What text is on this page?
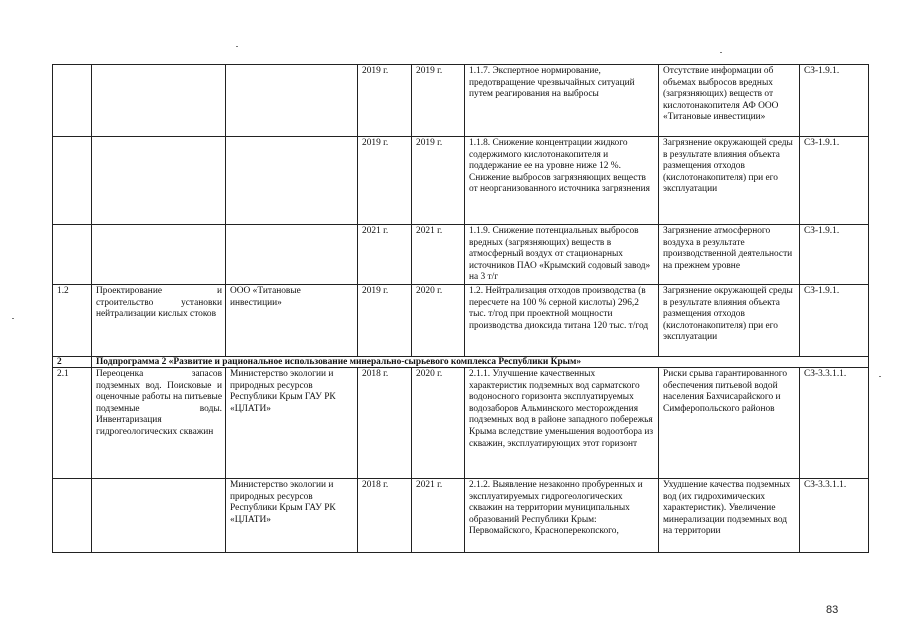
			2019 г.	2019 г.	1.1.7. Экспертное нормирование, предотвращение чрезвычайных ситуаций путем реагирования на выбросы	Отсутствие информации об объемах выбросов вредных (загрязняющих) веществ от кислотонакопителя АФ ООО «Титановые инвестиции»	СЗ-1.9.1.
			2019 г.	2019 г.	1.1.8. Снижение концентрации жидкого содержимого кислотонакопителя и поддержание ее на уровне ниже 12 %. Снижение выбросов загрязняющих веществ от неорганизованного источника загрязнения	Загрязнение окружающей среды в результате влияния объекта размещения отходов (кислотонакопителя) при его эксплуатации	СЗ-1.9.1.
			2021 г.	2021 г.	1.1.9. Снижение потенциальных выбросов вредных (загрязняющих) веществ в атмосферный воздух от стационарных источников ПАО «Крымский содовый завод» на 3 т/г	Загрязнение атмосферного воздуха в результате производственной деятельности на прежнем уровне	СЗ-1.9.1.
1.2	Проектирование и строительство установки нейтрализации кислых стоков	ООО «Титановые инвестиции»	2019 г.	2020 г.	1.2. Нейтрализация отходов производства (в пересчете на 100 % серной кислоты) 296,2 тыс. т/год при проектной мощности производства диоксида титана 120 тыс. т/год	Загрязнение окружающей среды в результате влияния объекта размещения отходов (кислотонакопителя) при его эксплуатации	СЗ-1.9.1.
2	Подпрограмма 2 «Развитие и рациональное использование минерально-сырьевого комплекса Республики Крым»						
2.1	Переоценка запасов подземных вод. Поисковые и оценочные работы на питьевые подземные воды. Инвентаризация гидрогеологических скважин	Министерство экологии и природных ресурсов Республики Крым ГАУ РК «ЦЛАТИ»	2018 г.	2020 г.	2.1.1. Улучшение качественных характеристик подземных вод сарматского водоносного горизонта эксплуатируемых водозаборов Альминского месторождения подземных вод в районе западного побережья Крыма вследствие уменьшения водоотбора из скважин, эксплуатирующих этот горизонт	Риски срыва гарантированного обеспечения питьевой водой населения Бахчисарайского и Симферопольского районов	СЗ-3.3.1.1.
		Министерство экологии и природных ресурсов Республики Крым ГАУ РК «ЦЛАТИ»	2018 г.	2021 г.	2.1.2. Выявление незаконно пробуренных и эксплуатируемых гидрогеологических скважин на территории муниципальных образований Республики Крым: Первомайского, Красноперекопского,	Ухудшение качества подземных вод (их гидрохимических характеристик). Увеличение минерализации подземных вод на территории	СЗ-3.3.1.1.
83
